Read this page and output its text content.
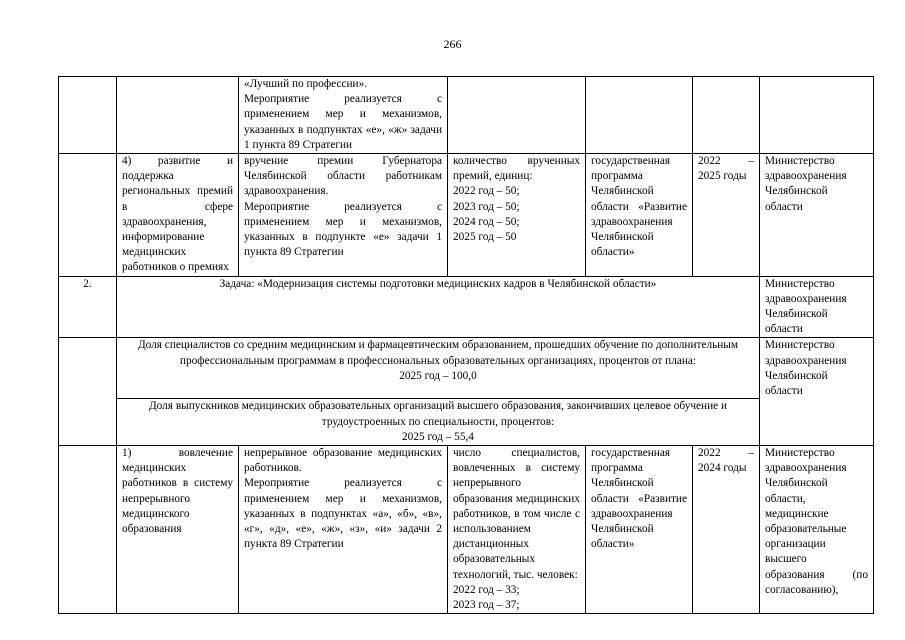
266
		«Лучший по профессии».
Мероприятие реализуется с применением мер и механизмов, указанных в подпунктах «е», «ж» задачи 1 пункта 89 Стратегии				
	4) развитие и поддержка региональных премий в сфере здравоохранения, информирование медицинских работников о премиях	вручение премии Губернатора Челябинской области работникам здравоохранения.
Мероприятие реализуется с применением мер и механизмов, указанных в подпункте «е» задачи 1 пункта 89 Стратегии	количество врученных премий, единиц:
2022 год – 50;
2023 год – 50;
2024 год – 50;
2025 год – 50	государственная программа Челябинской области «Развитие здравоохранения Челябинской области»	2022 – 2025 годы	Министерство здравоохранения Челябинской области
2.	Задача: «Модернизация системы подготовки медицинских кадров в Челябинской области»					Министерство здравоохранения Челябинской области
	Доля специалистов со средним медицинским и фармацевтическим образованием, прошедших обучение по дополнительным профессиональным программам в профессиональных образовательных организациях, процентов от плана:
2025 год – 100,0					Министерство здравоохранения Челябинской области
	Доля выпускников медицинских образовательных организаций высшего образования, закончивших целевое обучение и трудоустроенных по специальности, процентов:
2025 год – 55,4					
	1) вовлечение медицинских работников в систему непрерывного медицинского образования	непрерывное образование медицинских работников.
Мероприятие реализуется с применением мер и механизмов, указанных в подпунктах «а», «б», «в», «г», «д», «е», «ж», «з», «и» задачи 2 пункта 89 Стратегии	число специалистов, вовлеченных в систему непрерывного образования медицинских работников, в том числе с использованием дистанционных образовательных технологий, тыс. человек:
2022 год – 33;
2023 год – 37;	государственная программа Челябинской области «Развитие здравоохранения Челябинской области»	2022 – 2024 годы	Министерство здравоохранения Челябинской области, медицинские образовательные организации высшего образования (по согласованию),
